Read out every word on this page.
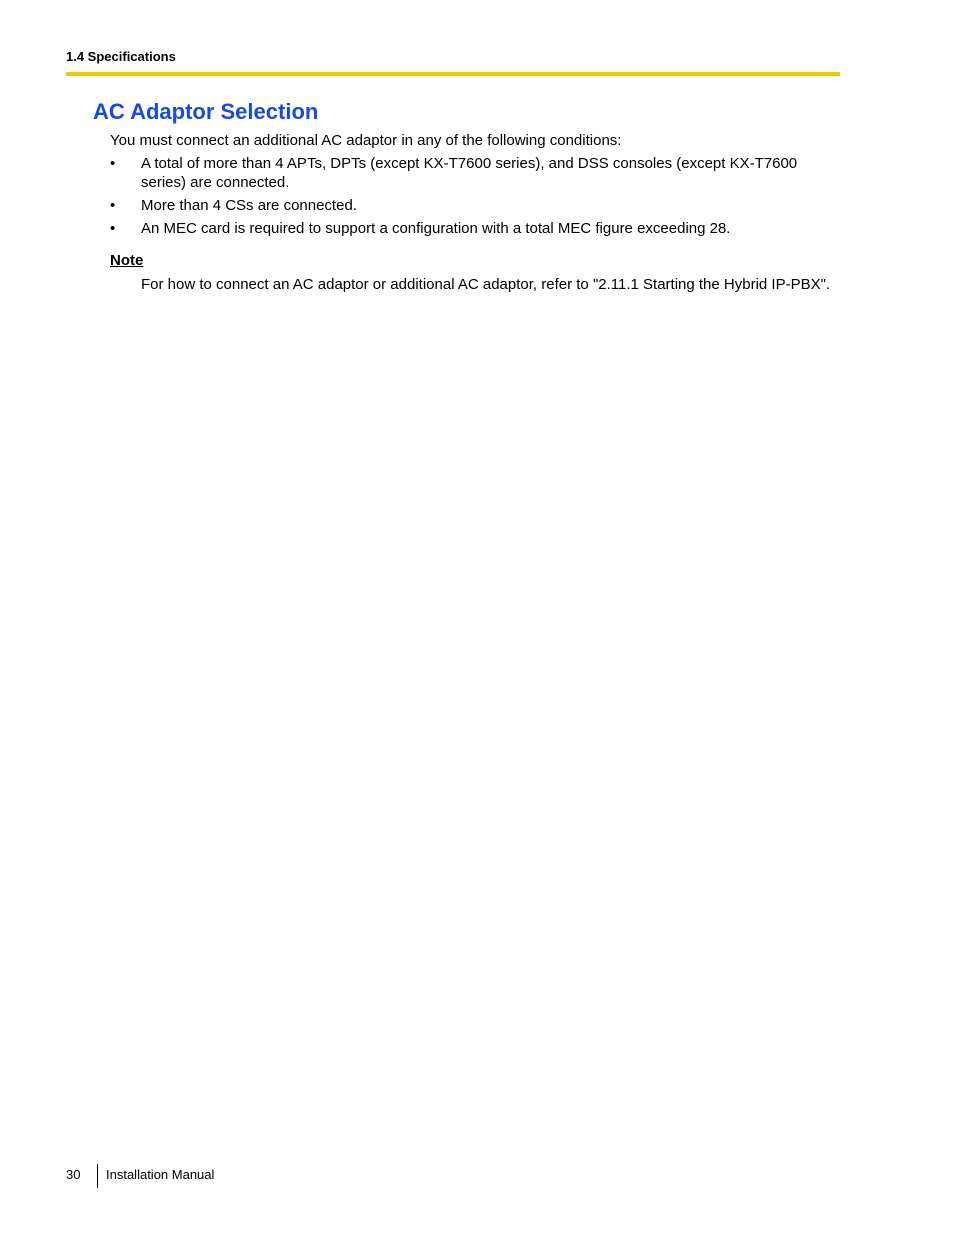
1.4 Specifications
AC Adaptor Selection

You must connect an additional AC adaptor in any of the following conditions:

• A total of more than 4 APTs, DPTs (except KX-T7600 series), and DSS consoles (except KX-T7600 series) are connected.
• More than 4 CSs are connected.
• An MEC card is required to support a configuration with a total MEC figure exceeding 28.

Note

For how to connect an AC adaptor or additional AC adaptor, refer to "2.11.1 Starting the Hybrid IP-PBX".

30 Installation Manual
